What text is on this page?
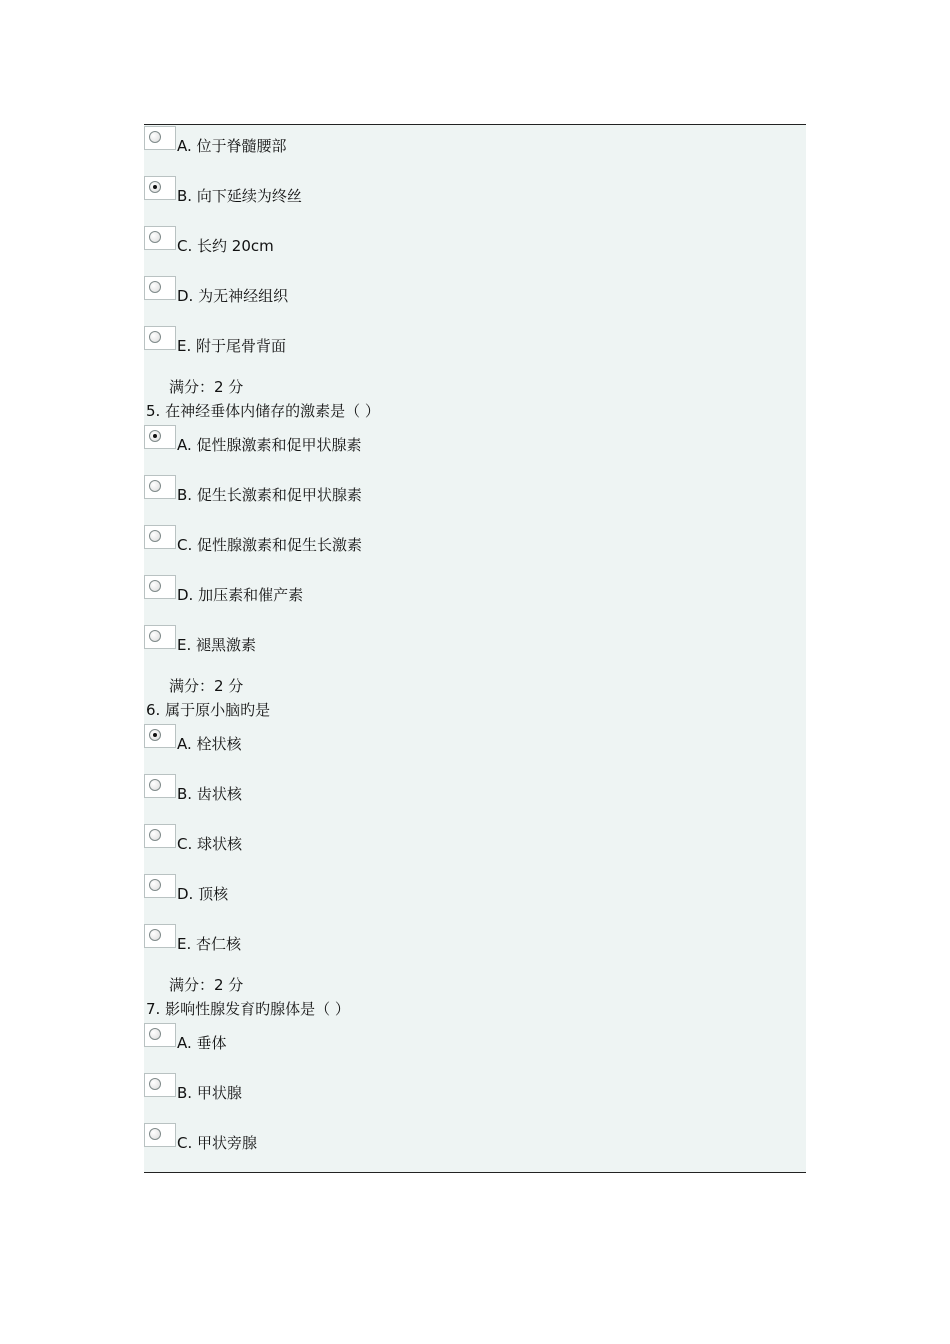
A. 位于脊髓腰部
B. 向下延续为终丝
C. 长约 20cm
D. 为无神经组织
E. 附于尾骨背面
满分：2 分
5. 在神经垂体内储存的激素是（ ）
A. 促性腺激素和促甲状腺素
B. 促生长激素和促甲状腺素
C. 促性腺激素和促生长激素
D. 加压素和催产素
E. 褪黑激素
满分：2 分
6. 属于原小脑旳是
A. 栓状核
B. 齿状核
C. 球状核
D. 顶核
E. 杏仁核
满分：2 分
7. 影响性腺发育旳腺体是（ ）
A. 垂体
B. 甲状腺
C. 甲状旁腺
